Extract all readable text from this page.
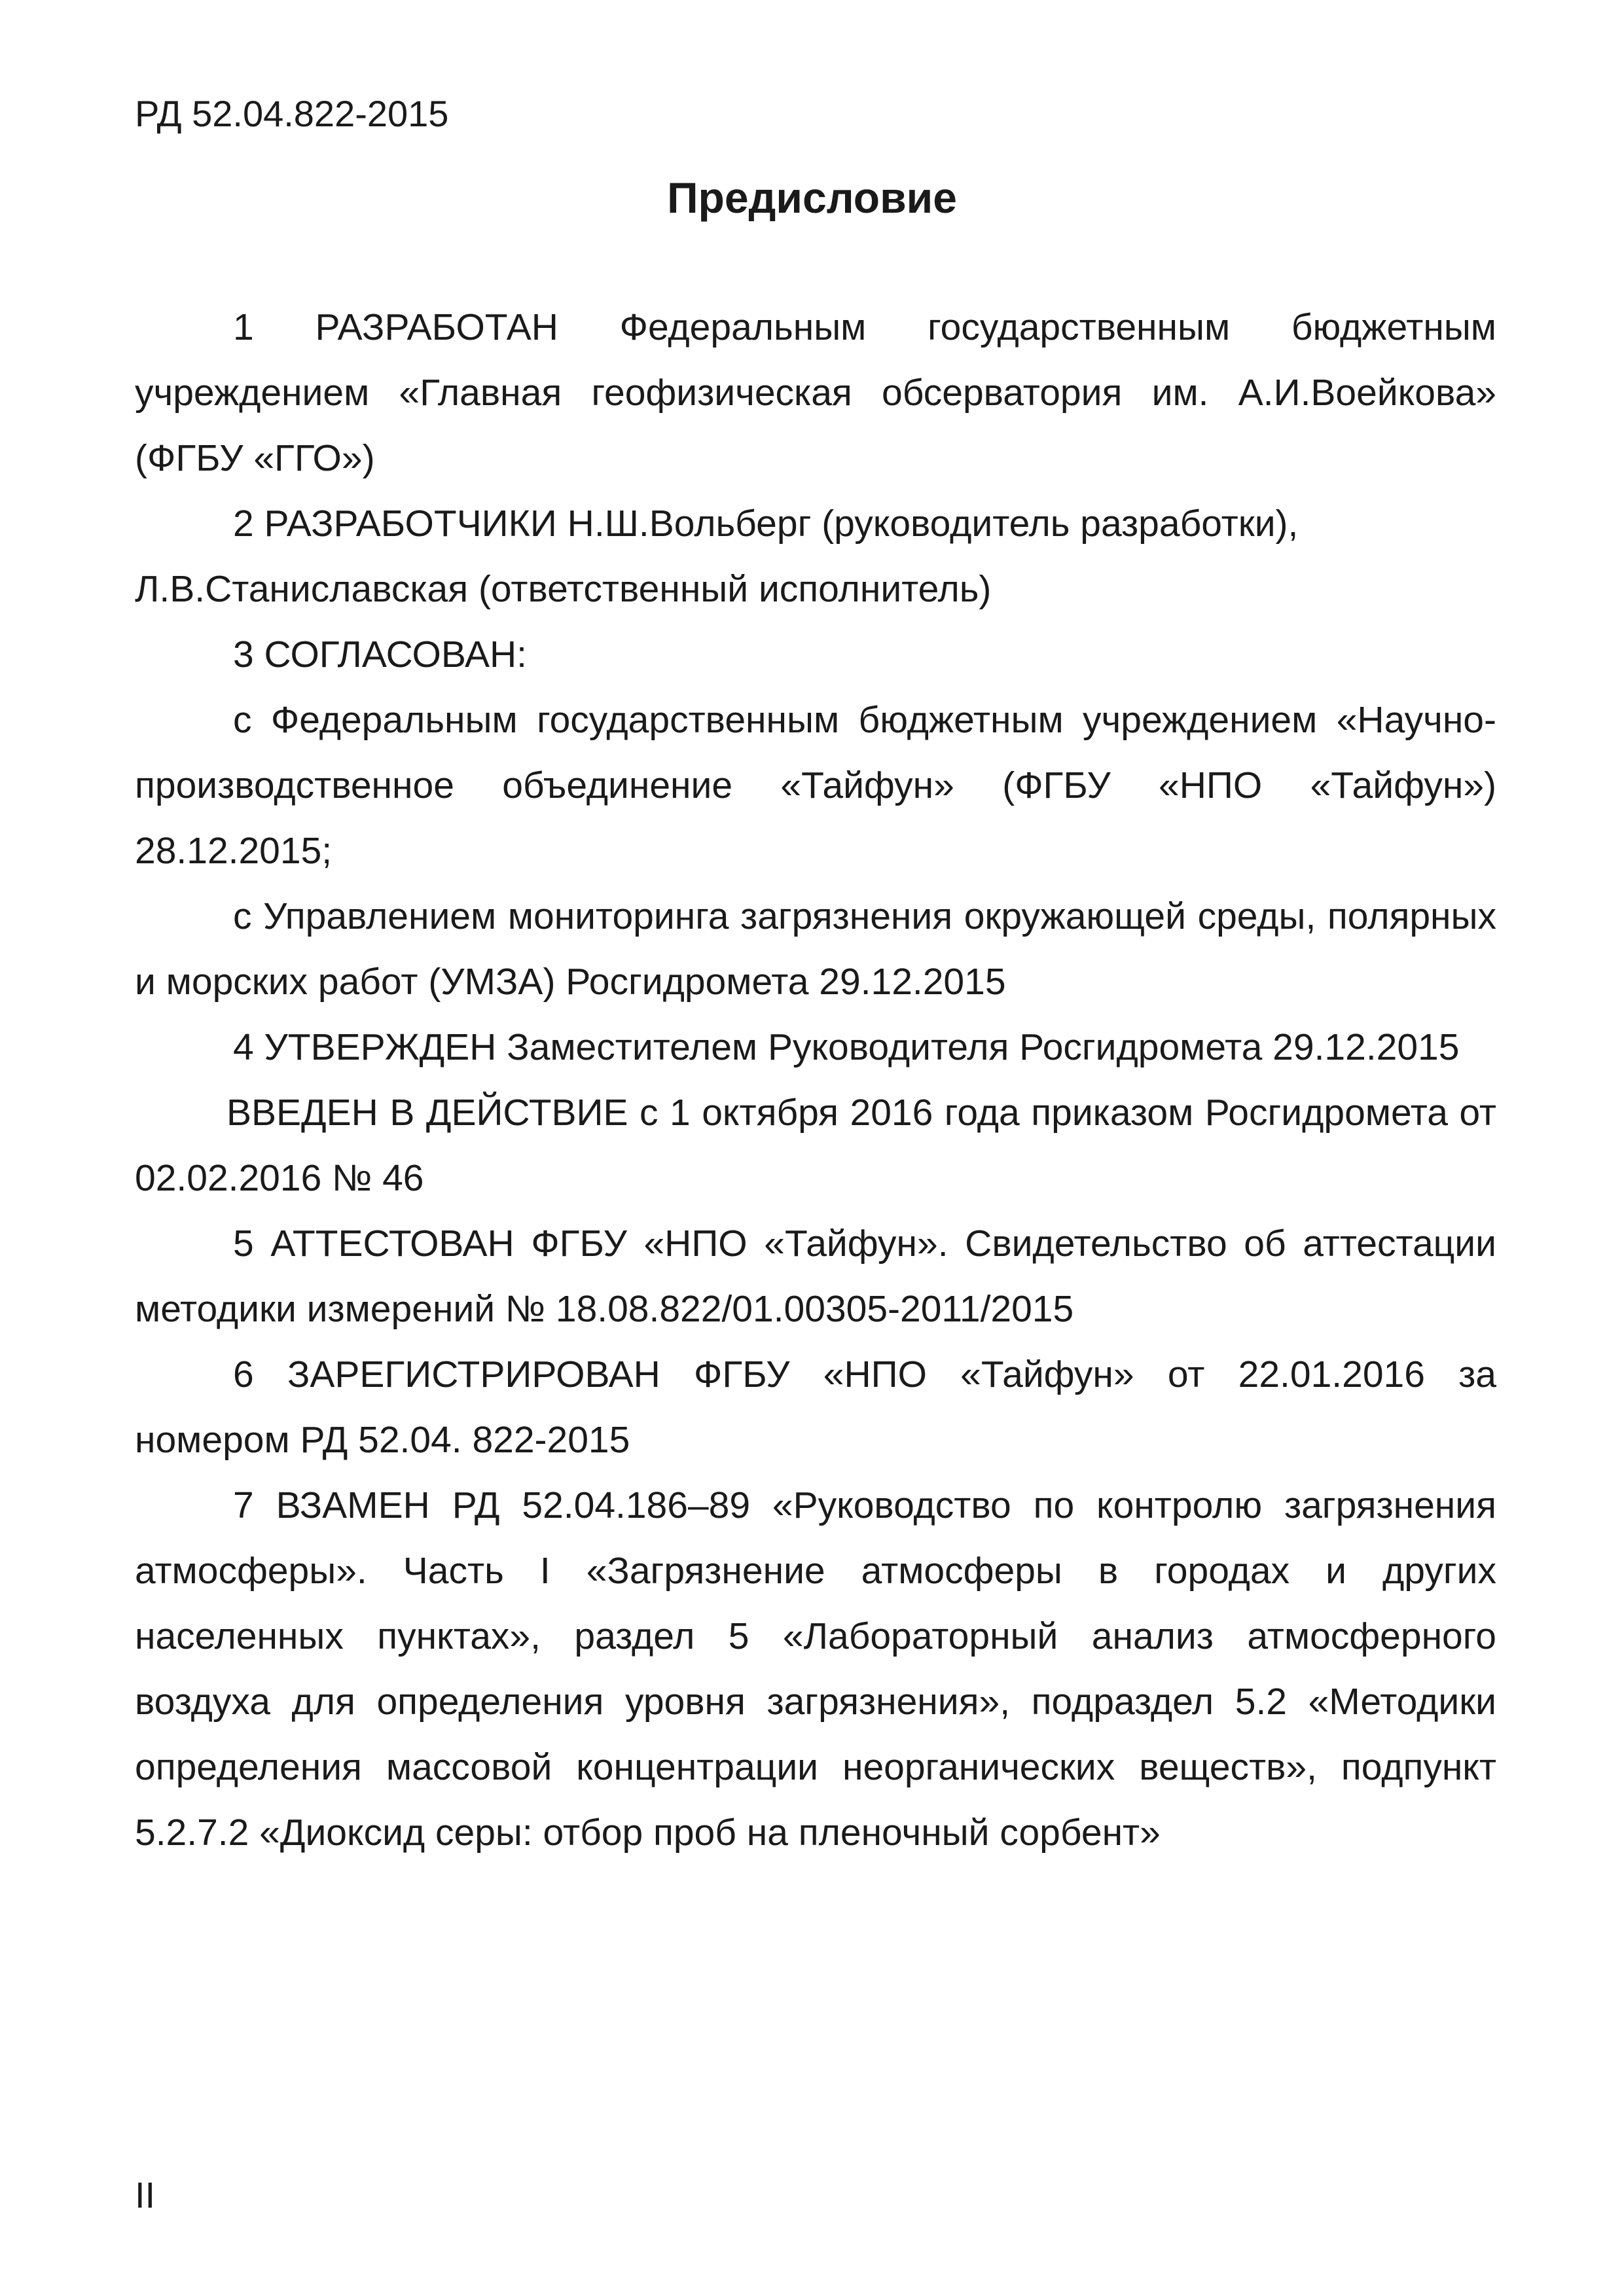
РД 52.04.822-2015
Предисловие

1 РАЗРАБОТАН Федеральным государственным бюджетным учреждением «Главная геофизическая обсерватория им. А.И.Воейкова» (ФГБУ «ГГО»)

2 РАЗРАБОТЧИКИ Н.Ш.Вольберг (руководитель разработки),

Л.В.Станиславская (ответственный исполнитель)

3 СОГЛАСОВАН:

с Федеральным государственным бюджетным учреждением «Научно-производственное объединение «Тайфун» (ФГБУ «НПО «Тайфун») 28.12.2015;

с Управлением мониторинга загрязнения окружающей среды, полярных и морских работ (УМЗА) Росгидромета 29.12.2015

4 УТВЕРЖДЕН Заместителем Руководителя Росгидромета 29.12.2015

ВВЕДЕН В ДЕЙСТВИЕ с 1 октября 2016 года приказом Росгидромета от 02.02.2016 № 46

5 АТТЕСТОВАН ФГБУ «НПО «Тайфун». Свидетельство об аттестации методики измерений № 18.08.822/01.00305-2011/2015

6 ЗАРЕГИСТРИРОВАН ФГБУ «НПО «Тайфун» от 22.01.2016 за номером РД 52.04. 822-2015

7 ВЗАМЕН РД 52.04.186–89 «Руководство по контролю загрязнения атмосферы». Часть I «Загрязнение атмосферы в городах и других населенных пунктах», раздел 5 «Лабораторный анализ атмосферного воздуха для определения уровня загрязнения», подраздел 5.2 «Методики определения массовой концентрации неорганических веществ», подпункт 5.2.7.2 «Диоксид серы: отбор проб на пленочный сорбент»

II
